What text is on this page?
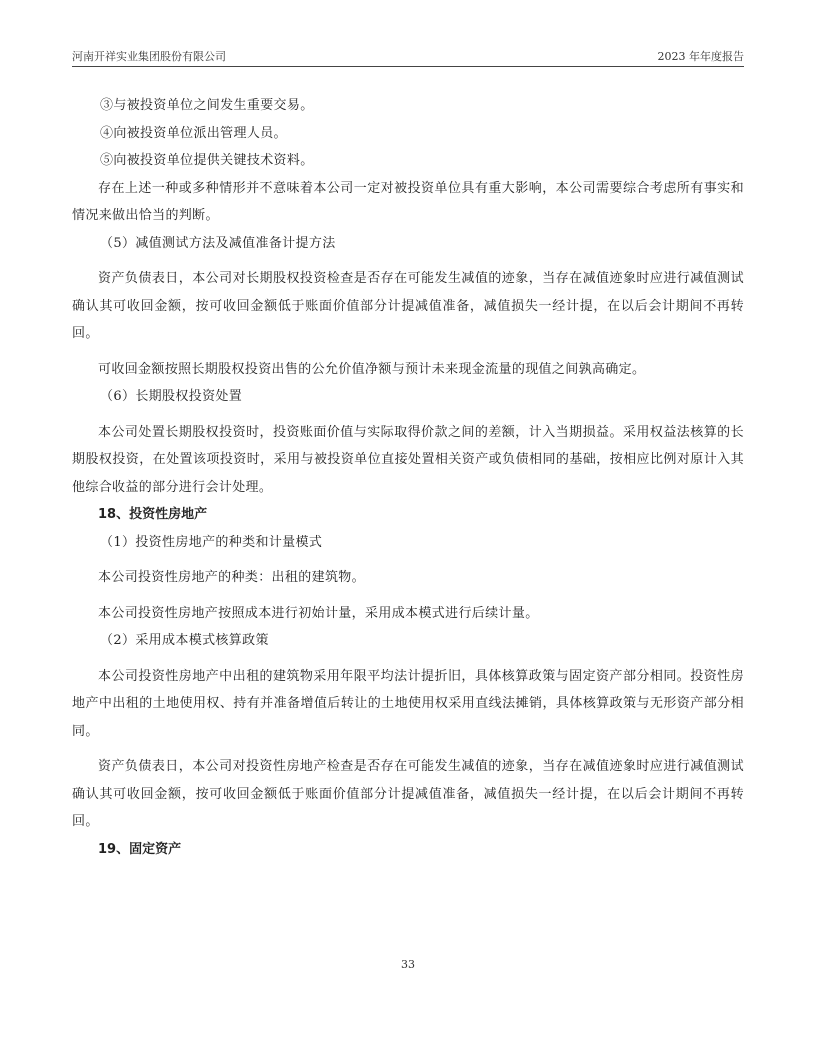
河南开祥实业集团股份有限公司	2023 年年度报告

③与被投资单位之间发生重要交易。

④向被投资单位派出管理人员。

⑤向被投资单位提供关键技术资料。

存在上述一种或多种情形并不意味着本公司一定对被投资单位具有重大影响，本公司需要综合考虑所有事实和情况来做出恰当的判断。

（5）减值测试方法及减值准备计提方法

资产负债表日，本公司对长期股权投资检查是否存在可能发生减值的迹象，当存在减值迹象时应进行减值测试确认其可收回金额，按可收回金额低于账面价值部分计提减值准备，减值损失一经计提，在以后会计期间不再转回。

可收回金额按照长期股权投资出售的公允价值净额与预计未来现金流量的现值之间孰高确定。

（6）长期股权投资处置

本公司处置长期股权投资时，投资账面价值与实际取得价款之间的差额，计入当期损益。采用权益法核算的长期股权投资，在处置该项投资时，采用与被投资单位直接处置相关资产或负债相同的基础，按相应比例对原计入其他综合收益的部分进行会计处理。

18、投资性房地产

（1）投资性房地产的种类和计量模式

本公司投资性房地产的种类：出租的建筑物。

本公司投资性房地产按照成本进行初始计量，采用成本模式进行后续计量。

（2）采用成本模式核算政策

本公司投资性房地产中出租的建筑物采用年限平均法计提折旧，具体核算政策与固定资产部分相同。投资性房地产中出租的土地使用权、持有并准备增值后转让的土地使用权采用直线法摊销，具体核算政策与无形资产部分相同。

资产负债表日，本公司对投资性房地产检查是否存在可能发生减值的迹象，当存在减值迹象时应进行减值测试确认其可收回金额，按可收回金额低于账面价值部分计提减值准备，减值损失一经计提，在以后会计期间不再转回。

19、固定资产

33
